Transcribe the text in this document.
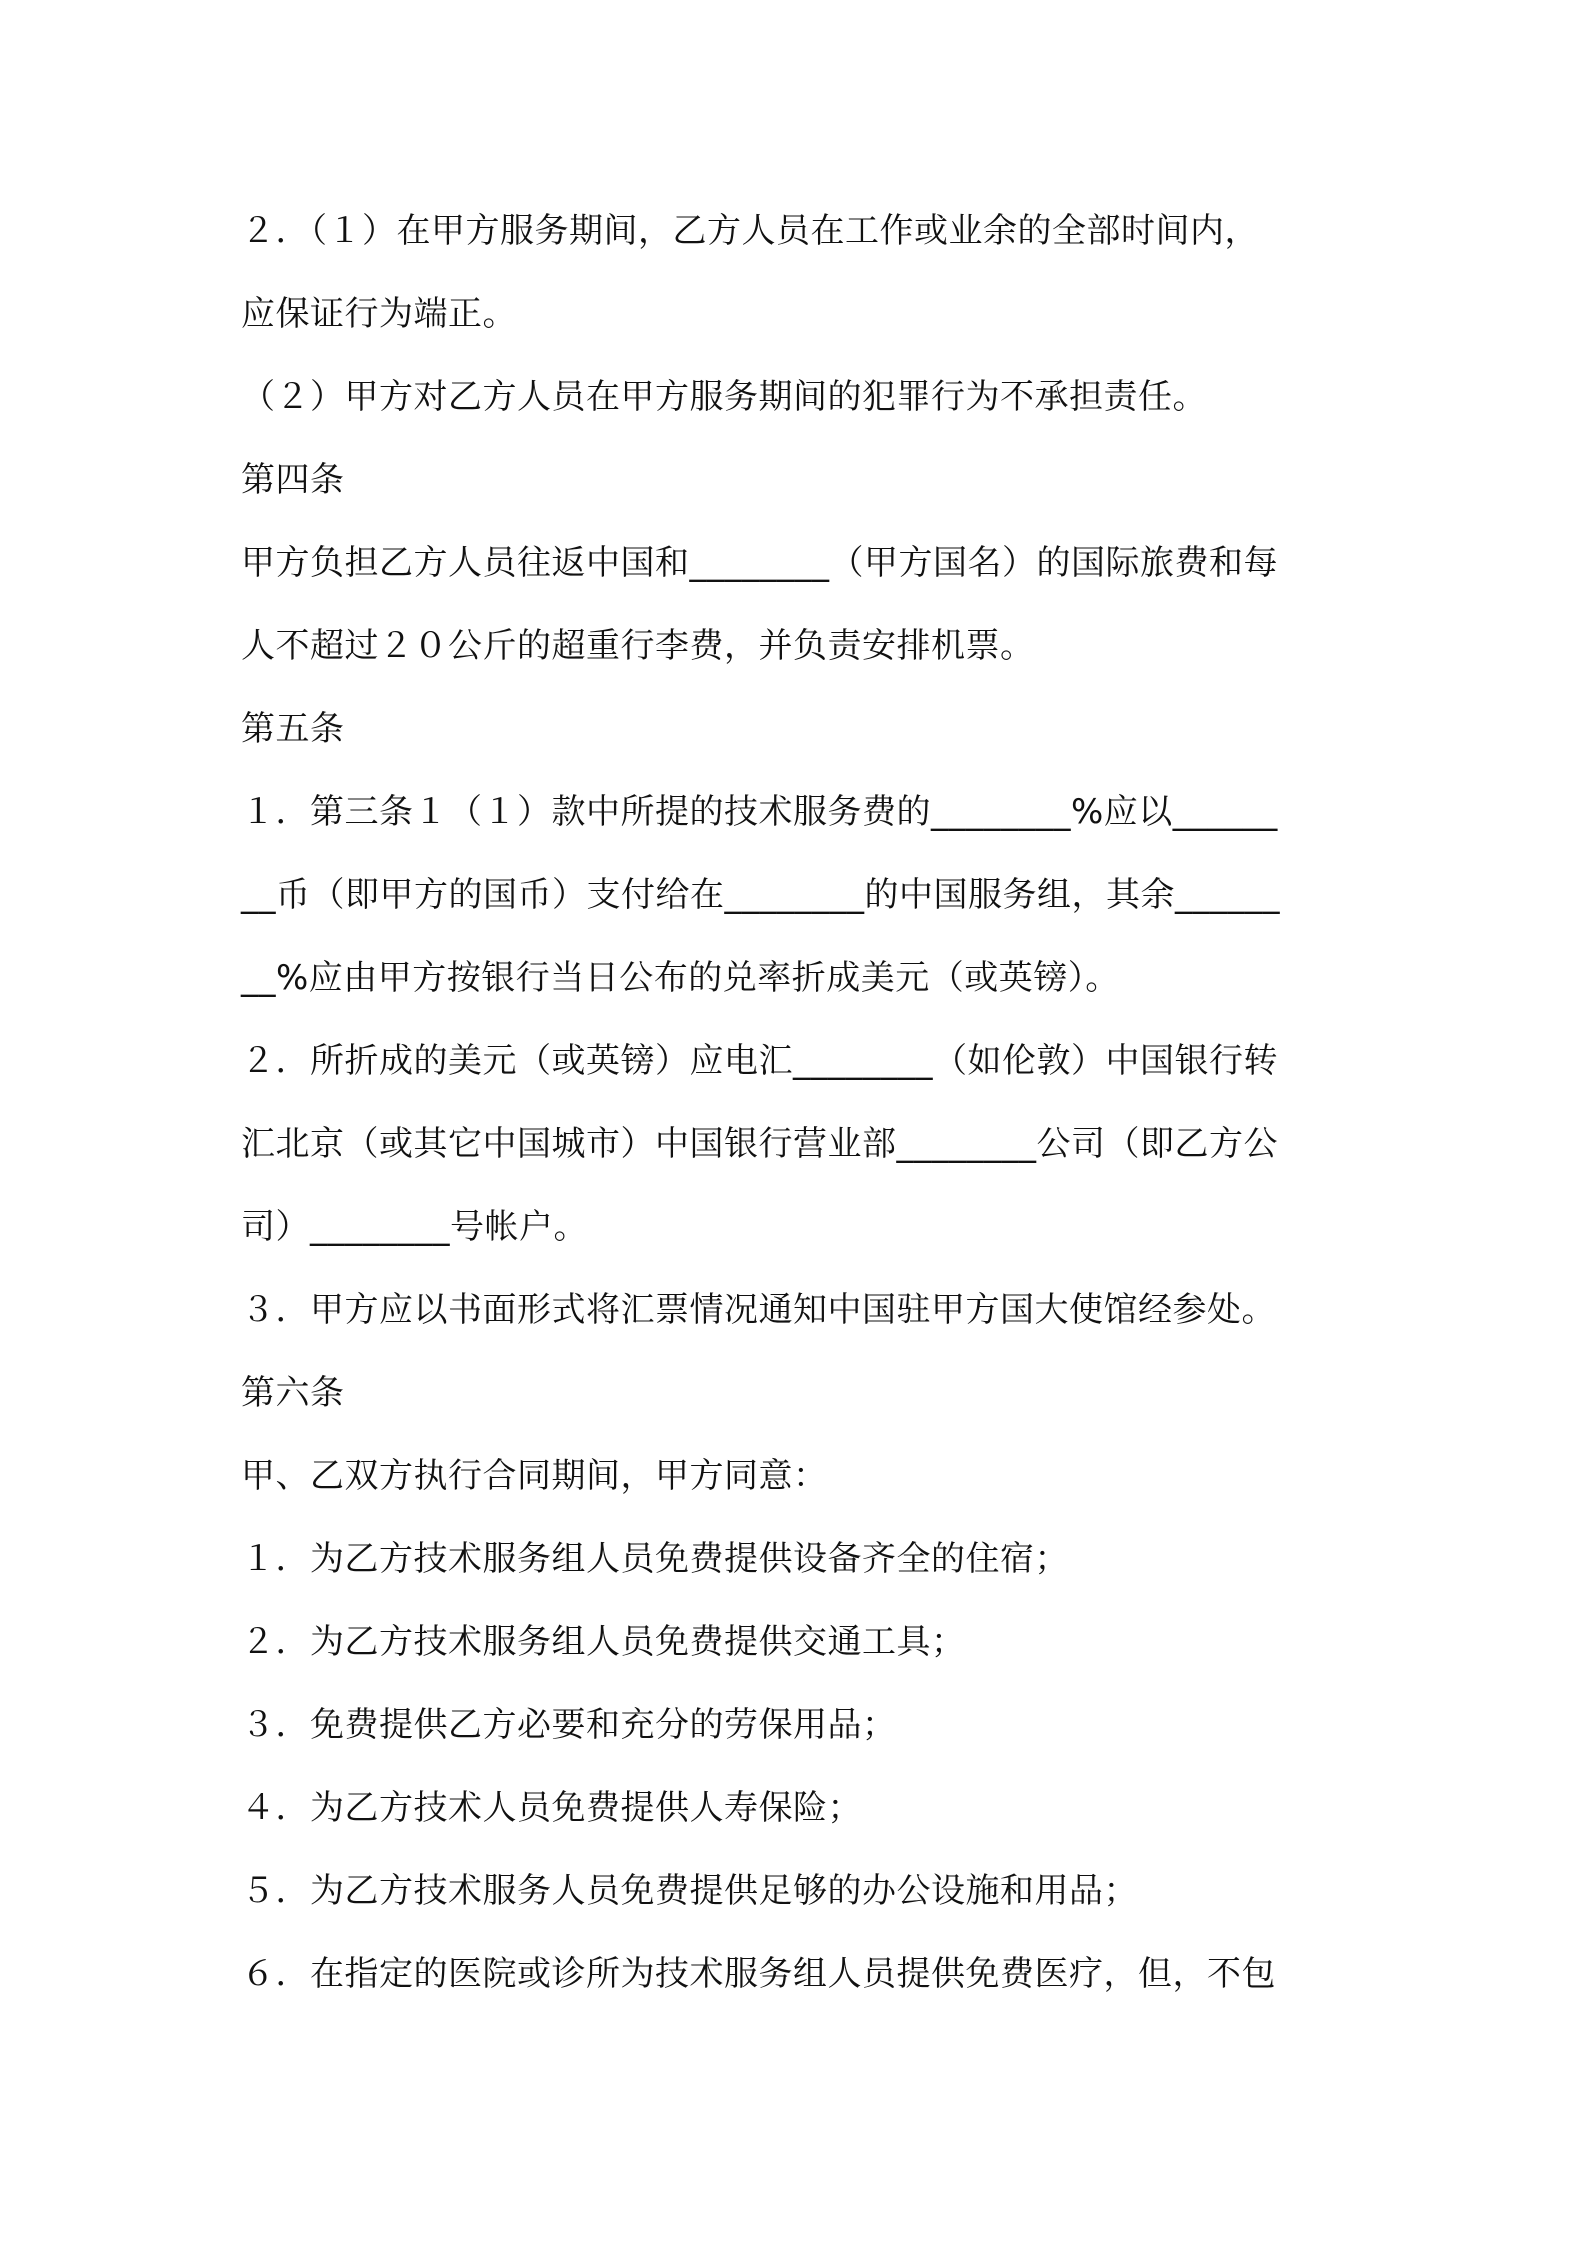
２．（１）在甲方服务期间，乙方人员在工作或业余的全部时间内，
应保证行为端正。
（２）甲方对乙方人员在甲方服务期间的犯罪行为不承担责任。
第四条
甲方负担乙方人员往返中国和________（甲方国名）的国际旅费和每
人不超过２０公斤的超重行李费，并负责安排机票。
第五条
１．第三条１（１）款中所提的技术服务费的________%应以______
__币（即甲方的国币）支付给在________的中国服务组，其余______
__%应由甲方按银行当日公布的兑率折成美元（或英镑）。
２．所折成的美元（或英镑）应电汇________（如伦敦）中国银行转
汇北京（或其它中国城市）中国银行营业部________公司（即乙方公
司）________号帐户。
３．甲方应以书面形式将汇票情况通知中国驻甲方国大使馆经参处。
第六条
甲、乙双方执行合同期间，甲方同意：
１．为乙方技术服务组人员免费提供设备齐全的住宿；
２．为乙方技术服务组人员免费提供交通工具；
３．免费提供乙方必要和充分的劳保用品；
４．为乙方技术人员免费提供人寿保险；
５．为乙方技术服务人员免费提供足够的办公设施和用品；
６．在指定的医院或诊所为技术服务组人员提供免费医疗，但，不包
